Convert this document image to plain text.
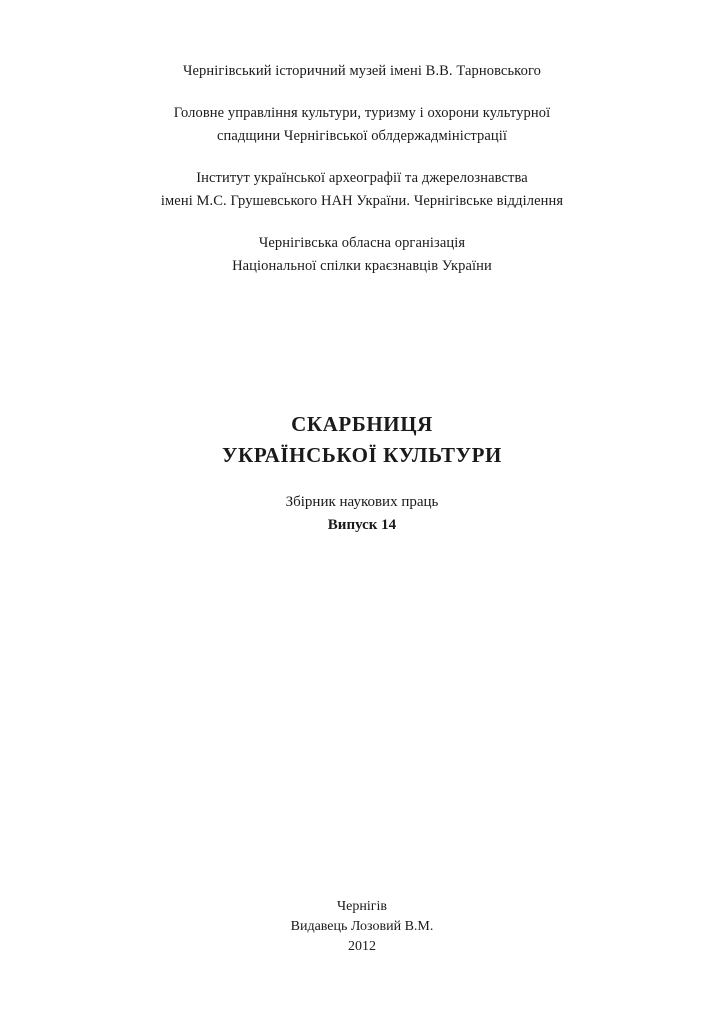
Чернігівський історичний музей імені В.В. Тарновського
Головне управління культури, туризму і охорони культурної
спадщини Чернігівської облдержадміністрації
Інститут української археографії та джерелознавства
імені М.С. Грушевського НАН України. Чернігівське відділення
Чернігівська обласна організація
Національної спілки краєзнавців України
СКАРБНИЦЯ
УКРАЇНСЬКОЇ КУЛЬТУРИ
Збірник наукових праць
Випуск 14
Чернігів
Видавець Лозовий В.М.
2012
